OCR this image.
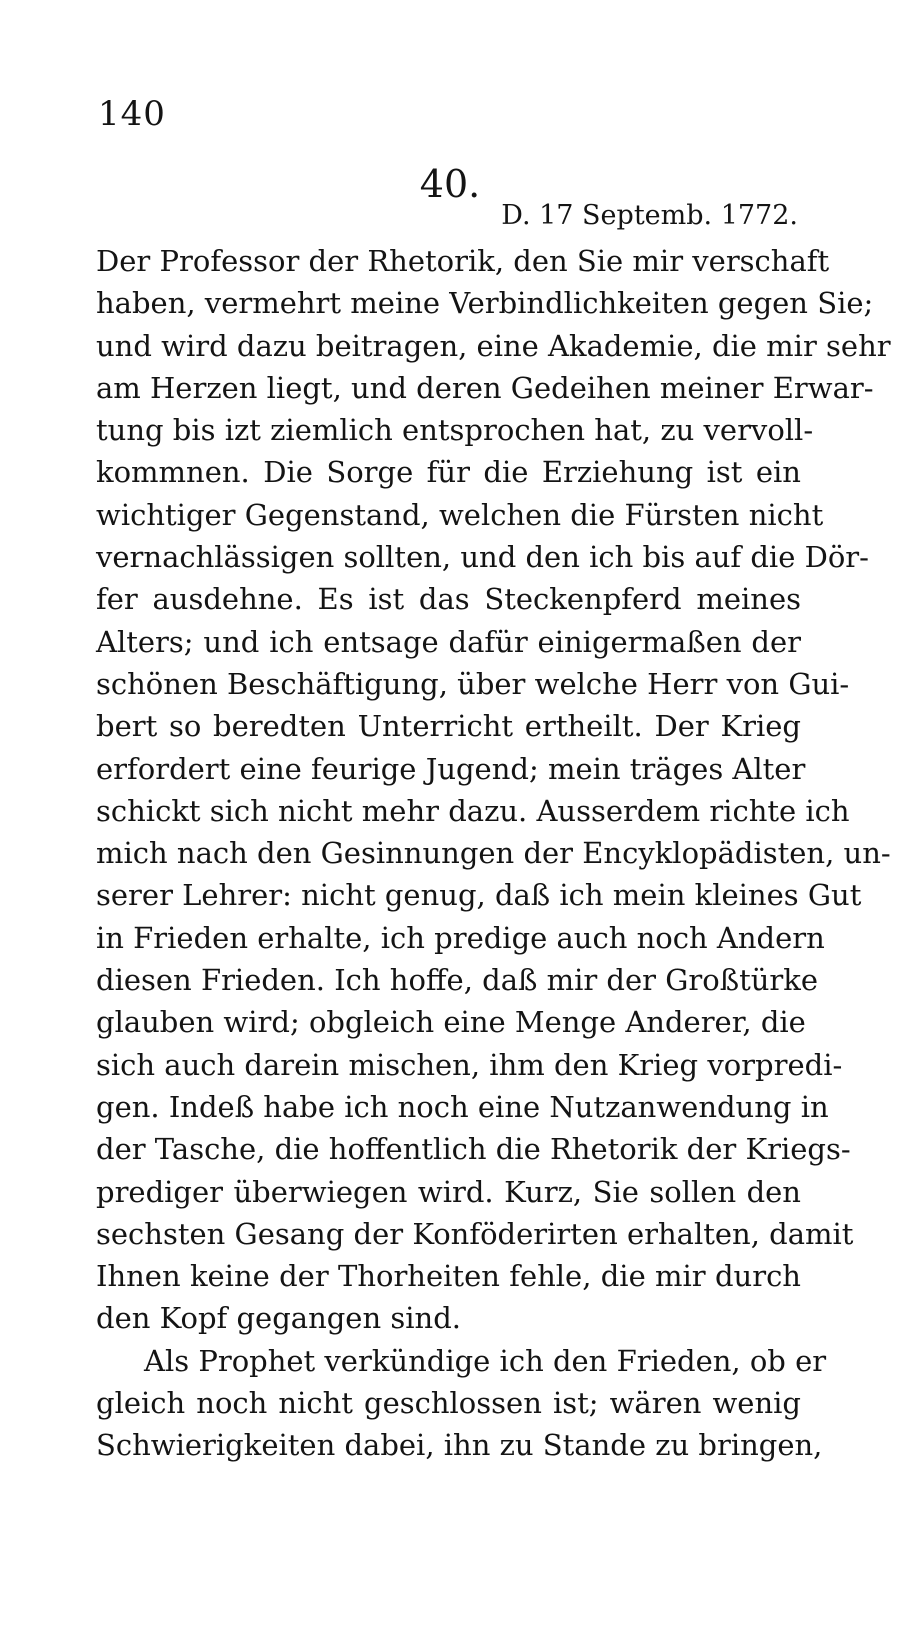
140
40.
D. 17 Septemb. 1772.
Der Professor der Rhetorik, den Sie mir verschaft
haben, vermehrt meine Verbindlichkeiten gegen Sie;
und wird dazu beitragen, eine Akademie, die mir sehr
am Herzen liegt, und deren Gedeihen meiner Erwar-
tung bis izt ziemlich entsprochen hat, zu vervoll-
kommnen. Die Sorge für die Erziehung ist ein
wichtiger Gegenstand, welchen die Fürsten nicht
vernachlässigen sollten, und den ich bis auf die Dör-
fer ausdehne. Es ist das Steckenpferd meines
Alters; und ich entsage dafür einigermaßen der
schönen Beschäftigung, über welche Herr von Gui-
bert so beredten Unterricht ertheilt. Der Krieg
erfordert eine feurige Jugend; mein träges Alter
schickt sich nicht mehr dazu. Ausserdem richte ich
mich nach den Gesinnungen der Encyklopädisten, un-
serer Lehrer: nicht genug, daß ich mein kleines Gut
in Frieden erhalte, ich predige auch noch Andern
diesen Frieden. Ich hoffe, daß mir der Großtürke
glauben wird; obgleich eine Menge Anderer, die
sich auch darein mischen, ihm den Krieg vorpredi-
gen. Indeß habe ich noch eine Nutzanwendung in
der Tasche, die hoffentlich die Rhetorik der Kriegs-
prediger überwiegen wird. Kurz, Sie sollen den
sechsten Gesang der Konföderirten erhalten, damit
Ihnen keine der Thorheiten fehle, die mir durch
den Kopf gegangen sind.
Als Prophet verkündige ich den Frieden, ob er
gleich noch nicht geschlossen ist; wären wenig
Schwierigkeiten dabei, ihn zu Stande zu bringen,
